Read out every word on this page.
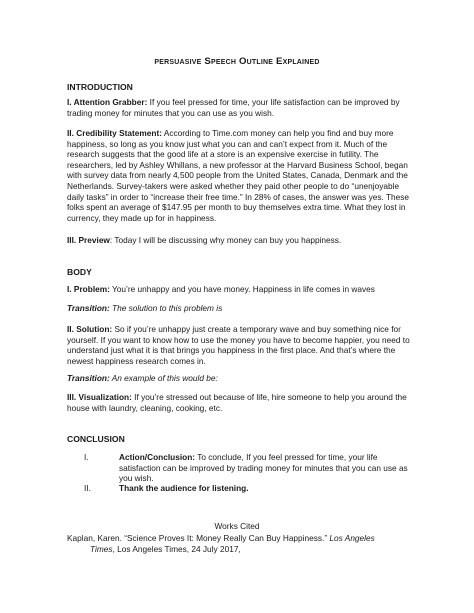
persuasive Speech Outline Explained
INTRODUCTION
I. Attention Grabber: If you feel pressed for time, your life satisfaction can be improved by trading money for minutes that you can use as you wish.
II. Credibility Statement: According to Time.com money can help you find and buy more happiness, so long as you know just what you can and can’t expect from it. Much of the research suggests that the good life at a store is an expensive exercise in futility. The researchers, led by Ashley Whillans, a new professor at the Harvard Business School, began with survey data from nearly 4,500 people from the United States, Canada, Denmark and the Netherlands. Survey-takers were asked whether they paid other people to do “unenjoyable daily tasks” in order to “increase their free time.” In 28% of cases, the answer was yes. These folks spent an average of $147.95 per month to buy themselves extra time. What they lost in currency, they made up for in happiness.
III. Preview: Today I will be discussing why money can buy you happiness.
BODY
I. Problem: You’re unhappy and you have money. Happiness in life comes in waves
Transition: The solution to this problem is
II. Solution: So if you’re unhappy just create a temporary wave and buy something nice for yourself. If you want to know how to use the money you have to become happier, you need to understand just what it is that brings you happiness in the first place. And that’s where the newest happiness research comes in.
Transition: An example of this would be:
III. Visualization: If you’re stressed out because of life, hire someone to help you around the house with laundry, cleaning, cooking, etc.
CONCLUSION
I.	Action/Conclusion: To conclude, If you feel pressed for time, your life satisfaction can be improved by trading money for minutes that you can use as you wish.
II.	Thank the audience for listening.
Works Cited
Kaplan, Karen. “Science Proves It: Money Really Can Buy Happiness.” Los Angeles
Times, Los Angeles Times, 24 July 2017,
